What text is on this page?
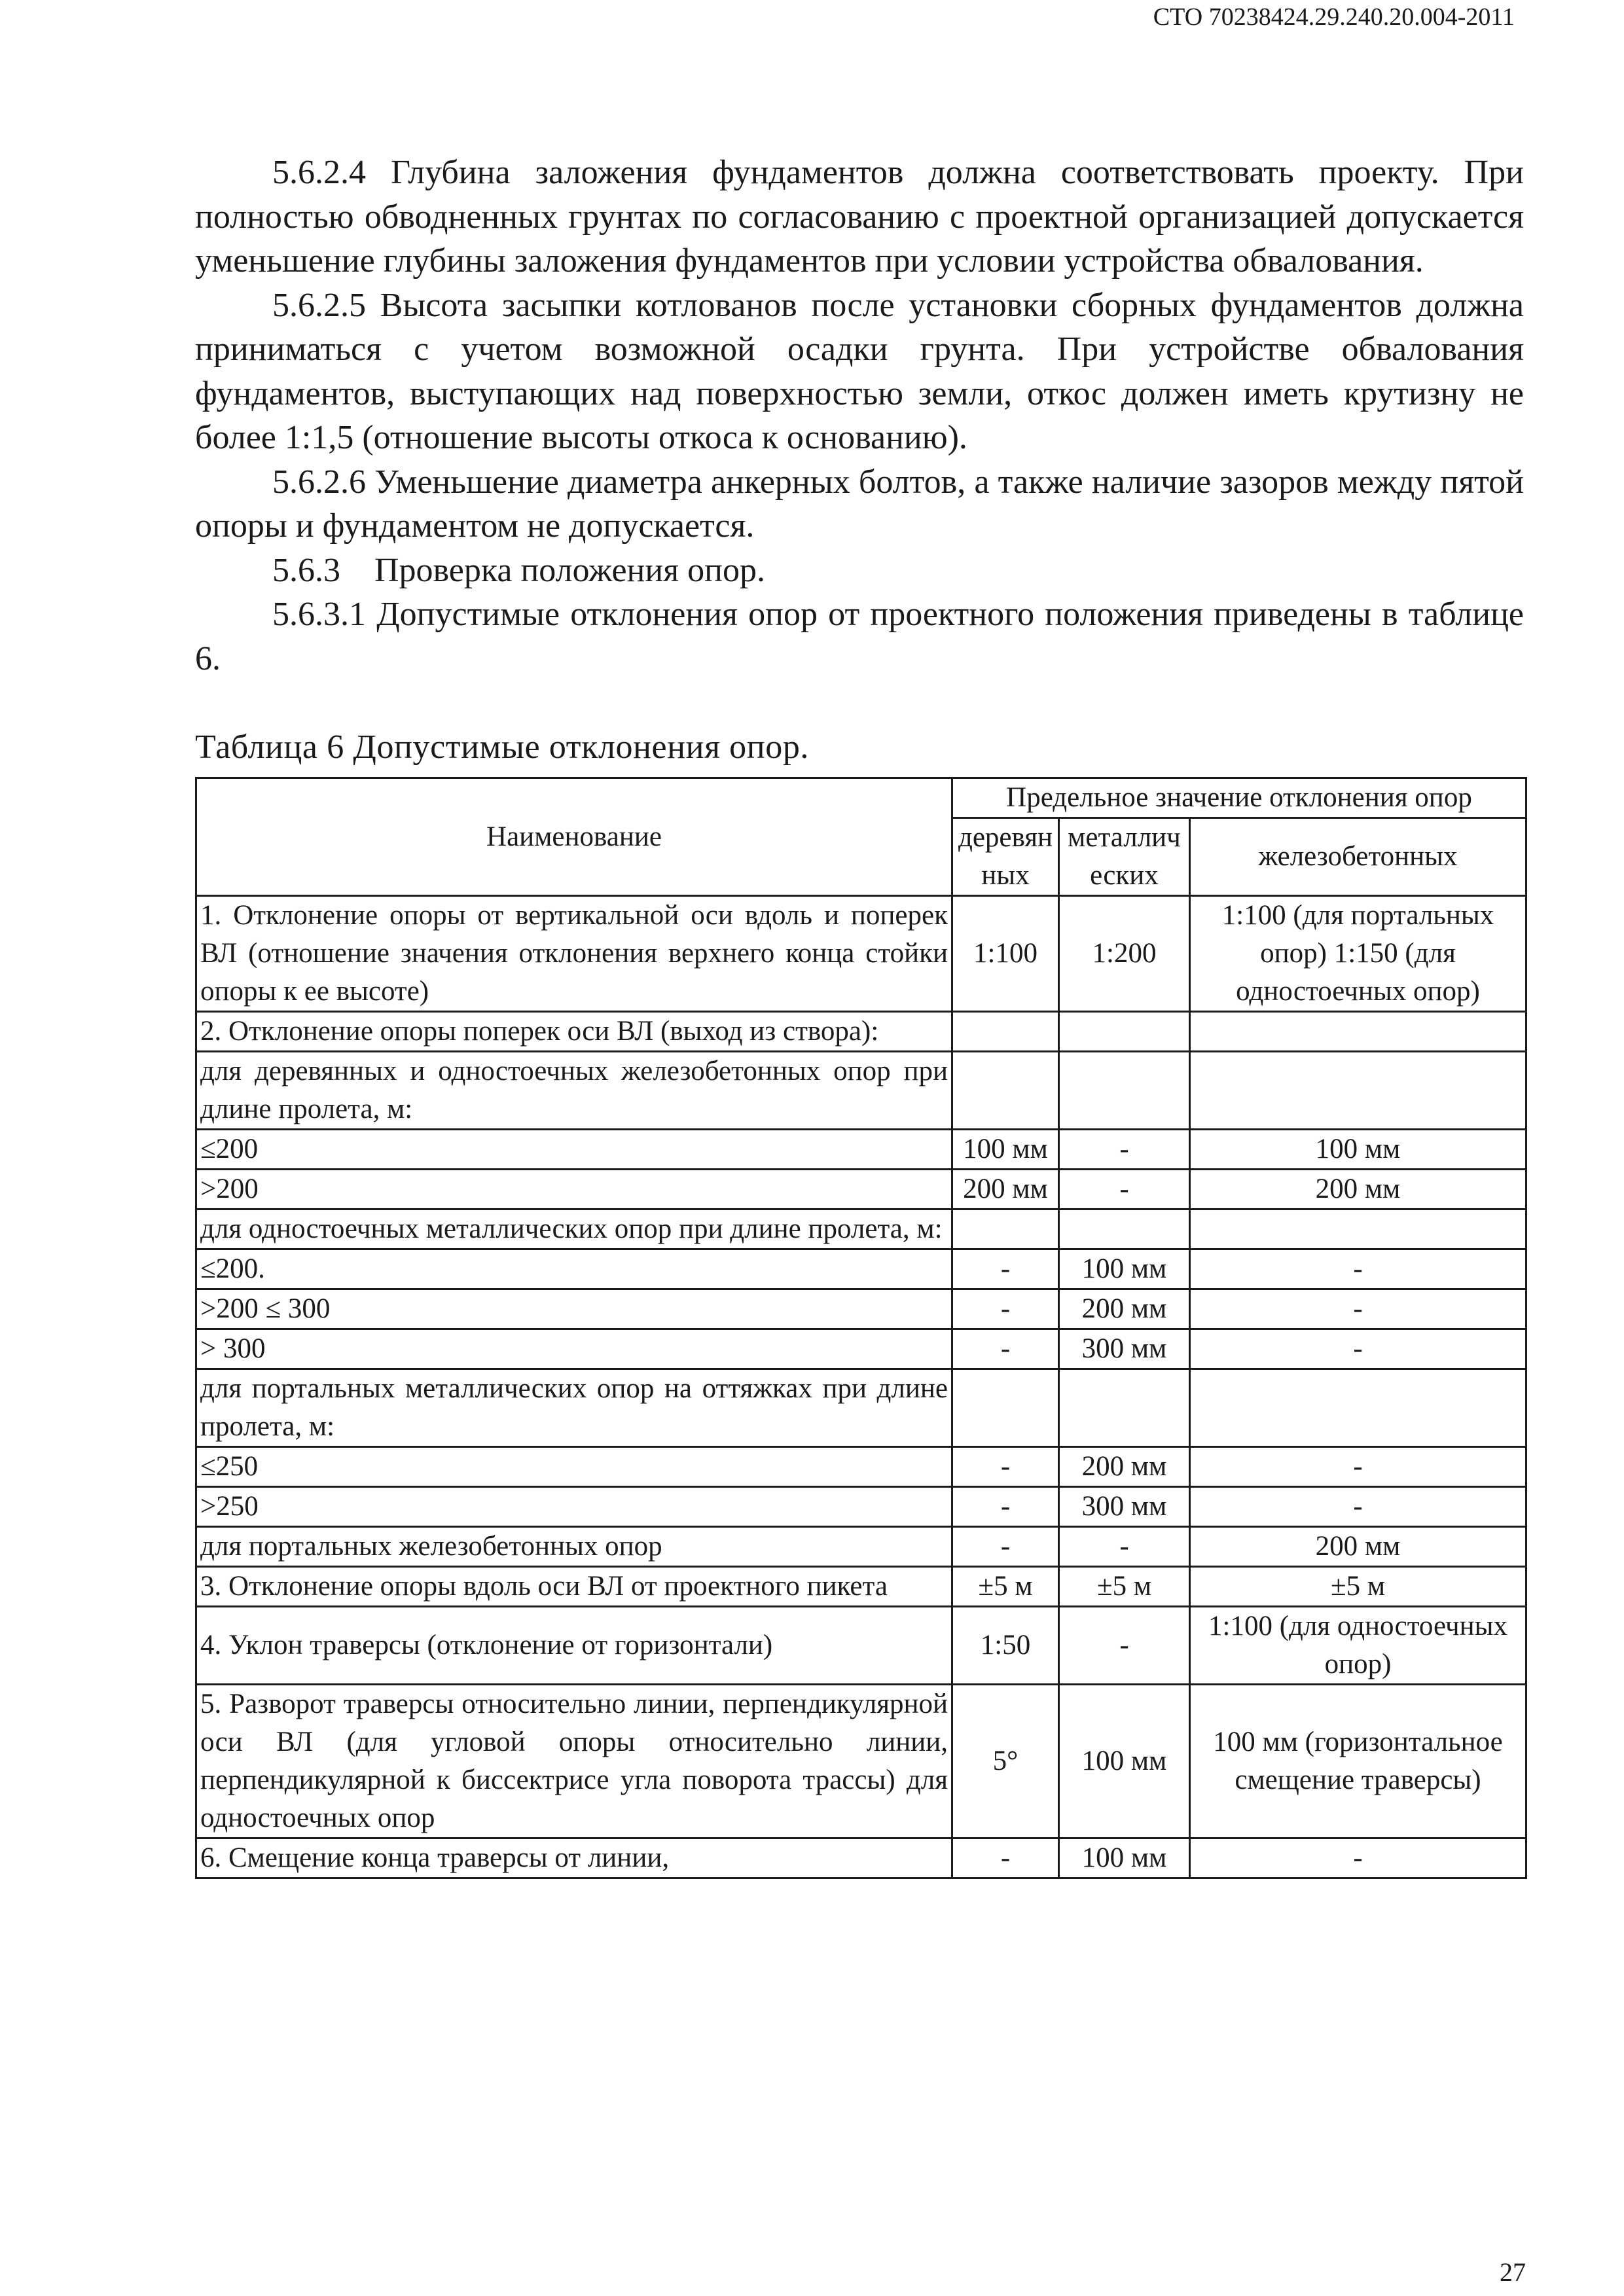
СТО 70238424.29.240.20.004-2011

5.6.2.4 Глубина заложения фундаментов должна соответствовать проекту. При полностью обводненных грунтах по согласованию с проектной организацией допускается уменьшение глубины заложения фундаментов при условии устройства обвалования.

5.6.2.5 Высота засыпки котлованов после установки сборных фундаментов должна приниматься с учетом возможной осадки грунта. При устройстве обвалования фундаментов, выступающих над поверхностью земли, откос должен иметь крутизну не более 1:1,5 (отношение высоты откоса к основанию).

5.6.2.6 Уменьшение диаметра анкерных болтов, а также наличие зазоров между пятой опоры и фундаментом не допускается.

5.6.3    Проверка положения опор.

5.6.3.1 Допустимые отклонения опор от проектного положения приведены в таблице 6.

Таблица 6 Допустимые отклонения опор.
Наименование	Предельное значение отклонения опор		
	деревянных	металлических	железобетонных
1. Отклонение опоры от вертикальной оси вдоль и поперек ВЛ (отношение значения отклонения верхнего конца стойки опоры к ее высоте)	1:100	1:200	1:100 (для портальных опор) 1:150 (для одностоечных опор)
2. Отклонение опоры поперек оси ВЛ (выход из створа):			
для деревянных и одностоечных железобетонных опор при длине пролета, м:			
≤200	100 мм	-	100 мм
>200	200 мм	-	200 мм
для одностоечных металлических опор при длине пролета, м:			
≤200.	-	100 мм	-
>200 ≤ 300	-	200 мм	-
> 300	-	300 мм	-
для портальных металлических опор на оттяжках при длине пролета, м:			
≤250	-	200 мм	-
>250	-	300 мм	-
для портальных железобетонных опор	-	-	200 мм
3. Отклонение опоры вдоль оси ВЛ от проектного пикета	±5 м	±5 м	±5 м
4. Уклон траверсы (отклонение от горизонтали)	1:50	-	1:100 (для одностоечных опор)
5. Разворот траверсы относительно линии, перпендикулярной оси ВЛ (для угловой опоры относительно линии, перпендикулярной к биссектрисе угла поворота трассы) для одностоечных опор	5°	100 мм	100 мм (горизонтальное смещение траверсы)
6. Смещение конца траверсы от линии,	-	100 мм	-
27
